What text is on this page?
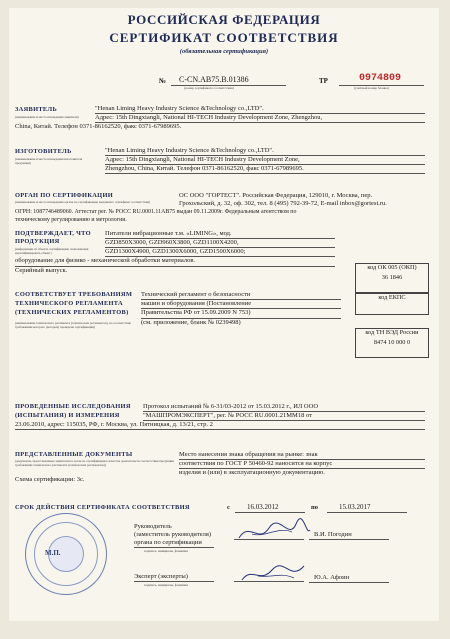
РОССИЙСКАЯ ФЕДЕРАЦИЯ
СЕРТИФИКАТ СООТВЕТСТВИЯ
(обязательная сертификация)
№ С-CN.АВ75.В.01386
(номер сертификата соответствия)
ТР	0974809
(учетный номер бланка)
ЗАЯВИТЕЛЬ
(наименование и место нахождения заявителя)
"Henan Liming Heavy Industry Science &Technology co.,LTD".
Адрес: 15th Dingxiangli, National HI-TECH Industry Development Zone, Zhengzhou,
China, Китай. Телефон 0371-86162520, факс 0371-67989695.
ИЗГОТОВИТЕЛЬ
(наименование и место нахождения изготовителя продукции)
"Henan Liming Heavy Industry Science &Technology co.,LTD".
Адрес: 15th Dingxiangli, National HI-TECH Industry Development Zone,
Zhengzhou, China, Китай. Телефон 0371-86162520, факс 0371-67989695.
ОРГАН ПО СЕРТИФИКАЦИИ
(наименование и место нахождения органа по сертификации, выдавшего сертификат соответствия)
ОС ООО "ГОРТЕСТ". Российская Федерация, 129010, г. Москва, пер.
Грохольский, д. 32, оф. 302, тел. 8 (495) 792-39-72, E-mail inbox@gortest.ru.
ОГРН: 1087746489060. Аттестат рег. № РОСС RU.0001.11АВ75 выдан 09.11.2009г. Федеральным агентством по
техническому регулированию и метрологии.
ПОДТВЕРЖДАЕТ, ЧТО
ПРОДУКЦИЯ
(информация об объекте сертификации, позволяющая идентифицировать объект)
Питатели вибрационные т.м. «LIMING», мод.
GZD850X3000, GZD960X3800, GZD1100X4200,
GZD1300X4900, GZD1300X6000, GZD1500X6000;
оборудование для физико - механической обработки материалов.
Серийный выпуск.	код ОК 005 (ОКП)
36 1846
СООТВЕТСТВУЕТ ТРЕБОВАНИЯМ
ТЕХНИЧЕСКОГО РЕГЛАМЕНТА
(ТЕХНИЧЕСКИХ РЕГЛАМЕНТОВ)
(наименование технического регламента (технических регламентов), на соответствие требованиям которого (которых) проведена сертификация)
Технический регламент о безопасности
машин и оборудования (Постановление
Правительства РФ от 15.09.2009 N 753)
(см. приложение, бланк № 0239498)
код ЕКПС
код ТН ВЭД России
8474 10 000 0
ПРОВЕДЕННЫЕ ИССЛЕДОВАНИЯ
(ИСПЫТАНИЯ) И ИЗМЕРЕНИЯ
Протокол испытаний № 6-31/03-2012 от 15.03.2012 г., ИЛ ООО
"МАШПРОМЭКСПЕРТ", рег. № РОСС RU.0001.21ММ18 от
23.06.2010, адрес: 115035, РФ, г. Москва, ул. Пятницкая, д. 13/21, стр. 2
ПРЕДСТАВЛЕННЫЕ ДОКУМЕНТЫ
(документы, представленные заявителем в орган по сертификации в качестве доказательств соответствия продукции требованиям технического регламента (технических регламентов))
Место нанесения знака обращения на рынке: знак
соответствия по ГОСТ Р 50460-92 наносится на корпус
изделия и (или) в эксплуатационную документацию.
Схема сертификации: 3с.
СРОК ДЕЙСТВИЯ СЕРТИФИКАТА СООТВЕТСТВИЯ	с 16.03.2012	по	15.03.2017
Руководитель
(заместитель руководителя)
органа по сертификации
подпись, инициалы, фамилия
В.И. Погодин
Эксперт (эксперты)
подпись, инициалы, фамилия
Ю.А. Афоин
М.П.
